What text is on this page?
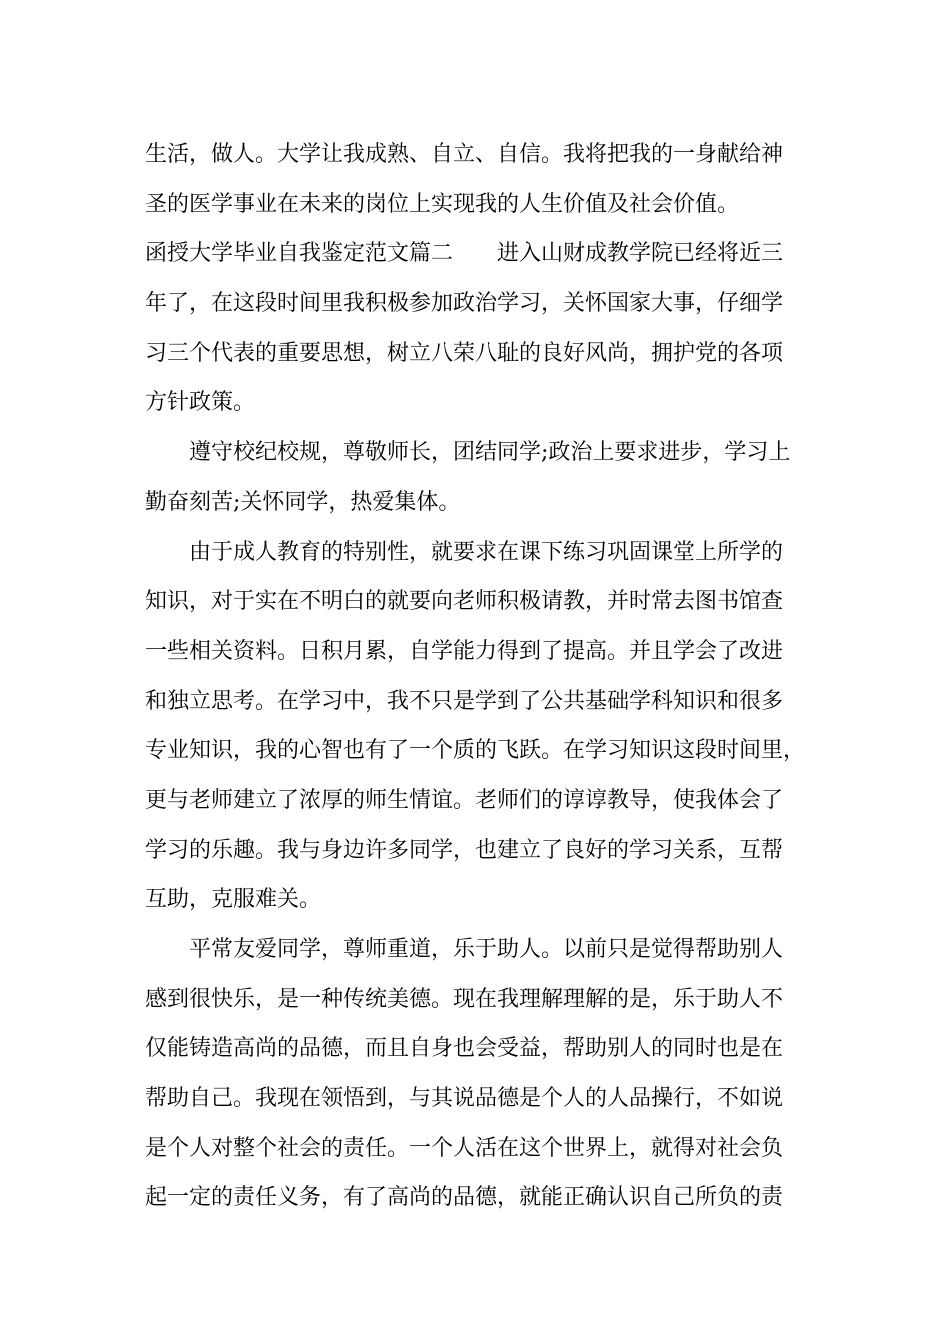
生活，做人。大学让我成熟、自立、自信。我将把我的一身献给神
圣的医学事业在未来的岗位上实现我的人生价值及社会价值。
函授大学毕业自我鉴定范文篇二 进入山财成教学院已经将近三
年了，在这段时间里我积极参加政治学习，关怀国家大事，仔细学
习三个代表的重要思想，树立八荣八耻的良好风尚，拥护党的各项
方针政策。
遵守校纪校规，尊敬师长，团结同学;政治上要求进步，学习上
勤奋刻苦;关怀同学，热爱集体。
由于成人教育的特别性，就要求在课下练习巩固课堂上所学的
知识，对于实在不明白的就要向老师积极请教，并时常去图书馆查
一些相关资料。日积月累，自学能力得到了提高。并且学会了改进
和独立思考。在学习中，我不只是学到了公共基础学科知识和很多
专业知识，我的心智也有了一个质的飞跃。在学习知识这段时间里，
更与老师建立了浓厚的师生情谊。老师们的谆谆教导，使我体会了
学习的乐趣。我与身边许多同学，也建立了良好的学习关系，互帮
互助，克服难关。
平常友爱同学，尊师重道，乐于助人。以前只是觉得帮助别人
感到很快乐，是一种传统美德。现在我理解理解的是，乐于助人不
仅能铸造高尚的品德，而且自身也会受益，帮助别人的同时也是在
帮助自己。我现在领悟到，与其说品德是个人的人品操行，不如说
是个人对整个社会的责任。一个人活在这个世界上，就得对社会负
起一定的责任义务，有了高尚的品德，就能正确认识自己所负的责
